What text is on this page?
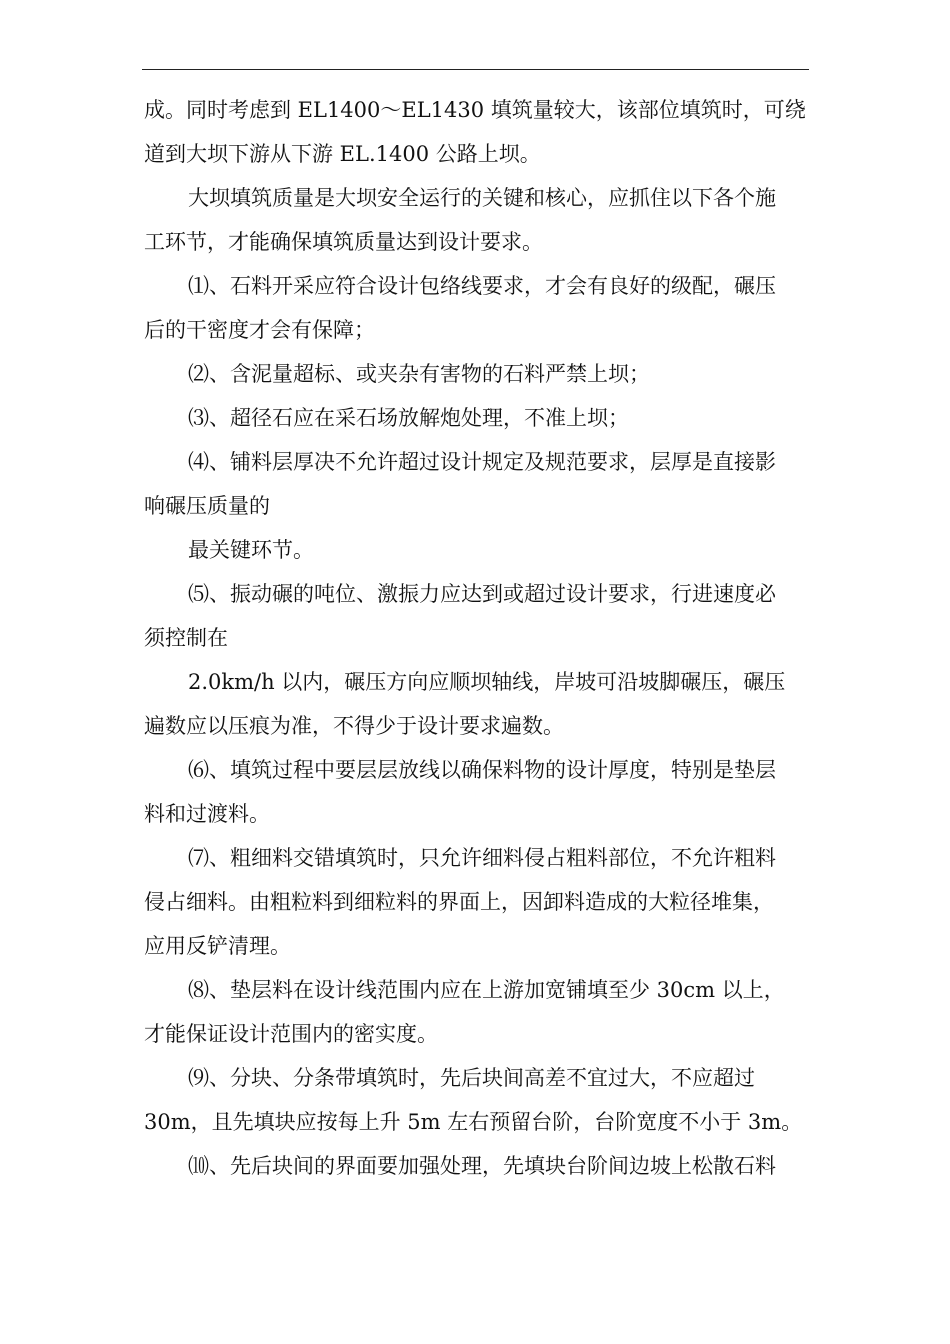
成。同时考虑到 EL1400～EL1430 填筑量较大，该部位填筑时，可绕
道到大坝下游从下游 EL.1400 公路上坝。
大坝填筑质量是大坝安全运行的关键和核心，应抓住以下各个施
工环节，才能确保填筑质量达到设计要求。
⑴、石料开采应符合设计包络线要求，才会有良好的级配，碾压
后的干密度才会有保障；
⑵、含泥量超标、或夹杂有害物的石料严禁上坝；
⑶、超径石应在采石场放解炮处理，不准上坝；
⑷、铺料层厚决不允许超过设计规定及规范要求，层厚是直接影
响碾压质量的
最关键环节。
⑸、振动碾的吨位、激振力应达到或超过设计要求，行进速度必
须控制在
2.0km/h 以内，碾压方向应顺坝轴线，岸坡可沿坡脚碾压，碾压
遍数应以压痕为准，不得少于设计要求遍数。
⑹、填筑过程中要层层放线以确保料物的设计厚度，特别是垫层
料和过渡料。
⑺、粗细料交错填筑时，只允许细料侵占粗料部位，不允许粗料
侵占细料。由粗粒料到细粒料的界面上，因卸料造成的大粒径堆集，
应用反铲清理。
⑻、垫层料在设计线范围内应在上游加宽铺填至少 30cm 以上，
才能保证设计范围内的密实度。
⑼、分块、分条带填筑时，先后块间高差不宜过大，不应超过
30m，且先填块应按每上升 5m 左右预留台阶，台阶宽度不小于 3m。
⑽、先后块间的界面要加强处理，先填块台阶间边坡上松散石料
